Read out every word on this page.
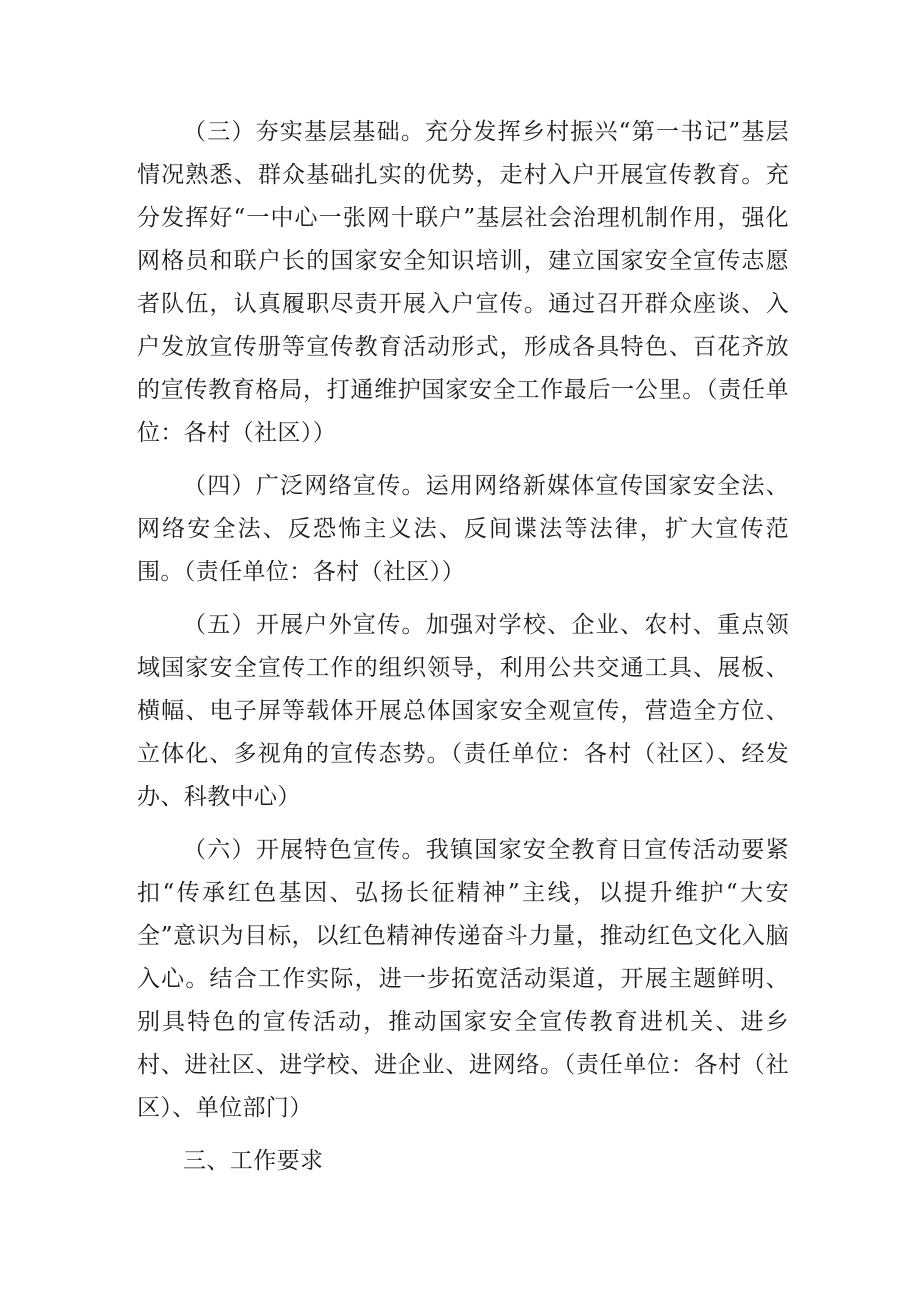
（三）夯实基层基础。充分发挥乡村振兴“第一书记”基层情况熟悉、群众基础扎实的优势，走村入户开展宣传教育。充分发挥好“一中心一张网十联户”基层社会治理机制作用，强化网格员和联户长的国家安全知识培训，建立国家安全宣传志愿者队伍，认真履职尽责开展入户宣传。通过召开群众座谈、入户发放宣传册等宣传教育活动形式，形成各具特色、百花齐放的宣传教育格局，打通维护国家安全工作最后一公里。（责任单位：各村（社区））

（四）广泛网络宣传。运用网络新媒体宣传国家安全法、网络安全法、反恐怖主义法、反间谍法等法律，扩大宣传范围。（责任单位：各村（社区））

（五）开展户外宣传。加强对学校、企业、农村、重点领域国家安全宣传工作的组织领导，利用公共交通工具、展板、横幅、电子屏等载体开展总体国家安全观宣传，营造全方位、立体化、多视角的宣传态势。（责任单位：各村（社区）、经发办、科教中心）

（六）开展特色宣传。我镇国家安全教育日宣传活动要紧扣“传承红色基因、弘扬长征精神”主线，以提升维护“大安全”意识为目标，以红色精神传递奋斗力量，推动红色文化入脑入心。结合工作实际，进一步拓宽活动渠道，开展主题鲜明、别具特色的宣传活动，推动国家安全宣传教育进机关、进乡村、进社区、进学校、进企业、进网络。（责任单位：各村（社区）、单位部门）

三、工作要求
